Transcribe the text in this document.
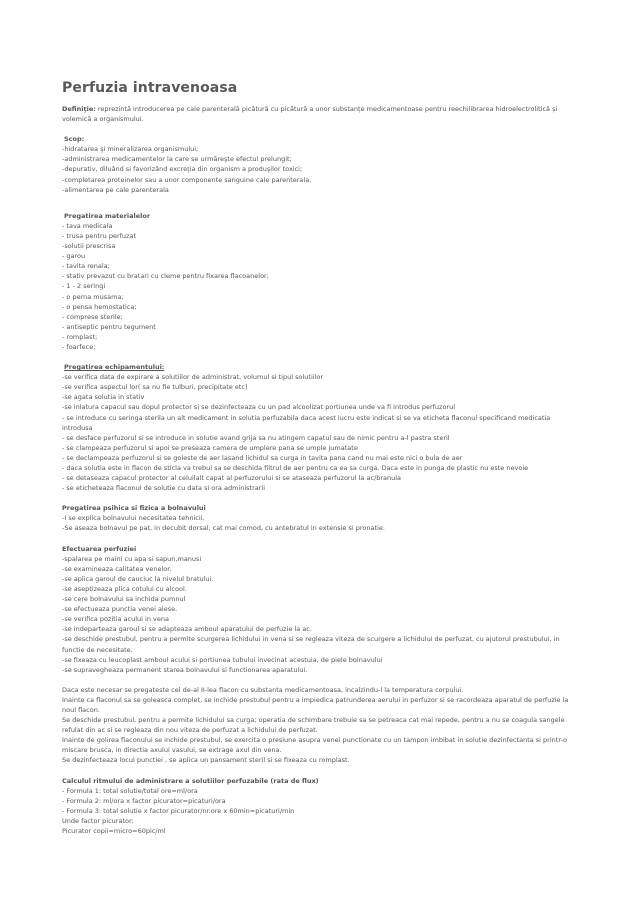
Perfuzia intravenoasa
Definiţie: reprezintă introducerea pe cale parenterală picătură cu picătură a unor substanțe medicamentoase pentru reechilibrarea hidroelectrolitică și volemică a organismului.
Scop:
-hidratarea şi mineralizarea organismului;
-administrarea medicamentelor la care se urmăreşte efectul prelungit;
-depurativ, diluând si favorizând excreţia din organism a produşilor toxici;
-completarea proteinelor sau a unor componente sanguine cale parenterala.
-alimentarea pe cale parenterala
Pregatirea materialelor
- tava medicala
- trusa pentru perfuzat
-solutii prescrisa
- garou
- tavita renala;
- stativ prevazut cu bratari cu cleme pentru fixarea flacoanelor;
- 1 - 2 seringi
- o perna musama;
- o pensa hemostatica;
- comprese sterile;
- antiseptic pentru tegument
- romplast;
- foarfece;
Pregatirea echipamentului:
-se verifica data de expirare a solutiilor de administrat, volumul si tipul solutiilor
-se verifica aspectul lor( sa nu fie tulburi, precipitate etc)
-se agata solutia in stativ
-se inlatura capacul sau dopul protector si se dezinfecteaza cu un pad alcoolizat portiunea unde va fi introdus perfuzorul
- se introduce cu seringa sterila un alt medicament in solutia perfuzabila daca acest lucru este indicat si se va eticheta flaconul specificand medicatia introdusa
- se desface perfuzorul si se introduce in solutie avand grija sa nu atingem capatul sau de nimic pentru a-l pastra steril
- se clampeaza perfuzorul si apoi se preseaza camera de umplere pana se umple jumatate
- se declampeaza perfuzorul si se goleste de aer lasand lichidul sa curga in tavita pana cand nu mai este nici o bula de aer
- daca solutia este in flacon de sticla va trebui sa se deschida filtrul de aer pentru ca ea sa curga. Daca este in punga de plastic nu este nevoie
- se detaseaza capacul protector al celuilalt capat al perfuzorului si se ataseaza perfuzorul la ac/branula
- se eticheteaza flaconul de solutie cu data si ora administrarii
Pregatirea psihica si fizica a bolnavului
-I se explica bolnavului necesitatea tehnicii.
-Se aseaza bolnavul pe pat, in decubit dorsal, cat mai comod, cu antebratul in extensie si pronatie.
Efectuarea perfuziei
-spalarea pe maini cu apa si sapun,manusi
-se examineaza calitatea venelor.
-se aplica garoul de cauciuc la nivelul bratului.
-se aseptizeaza plica cotului cu alcool.
-se cere bolnavului sa inchida pumnul
-se efectueaza punctia venei alese.
-se verifica pozitia acului in vena
-se indeparteaza garoul si se adapteaza amboul aparatului de perfuzie la ac.
-se deschide prestubul, pentru a permite scurgerea lichidului in vena si se regleaza viteza de scurgere a lichidului de perfuzat, cu ajutorul prestubului, in functie de necesitate.
-se fixeaza cu leucoplast amboul acului si portiunea tubului invecinat acestuia, de piele bolnavului
-se supravegheaza permanent starea bolnavului si functionarea aparatului.
Daca este necesar se pregateste cel de-al II-lea flacon cu substanta medicamentoasa, incalzindu-l la temperatura corpului.
Inainte ca flaconul sa se goleasca complet, se inchide prestubul pentru a impiedica patrunderea aerului in perfuzor si se racordeaza aparatul de perfuzie la noul flacon.
Se deschide prestubul, pentru a permite lichidului sa curga; operatia de schimbare trebuie sa se petreaca cat mai repede, pentru a nu se coagula sangele refulat din ac si se regleaza din nou viteza de perfuzat a lichidului de perfuzat.
Inainte de golirea flaconului se inchide prestubul, se exercita o presiune asupra venei punctionate cu un tampon imbibat in solutie dezinfectanta si printr-o miscare brusca, in directia axului vasului, se extrage axul din vena.
Se dezinfecteaza locul punctiei , se aplica un pansament steril si se fixeaza cu romplast.
Calculul ritmului de administrare a solutiilor perfuzabile (rata de flux)
- Formula 1: total solutie/total ore=ml/ora
- Formula 2: ml/ora x factor picurator=picaturi/ora
- Formula 3: total solutie x factor picurator/nr.ore x 60min=picaturi/min
Unde factor picurator:
Picurator copii=micro=60pic/ml
